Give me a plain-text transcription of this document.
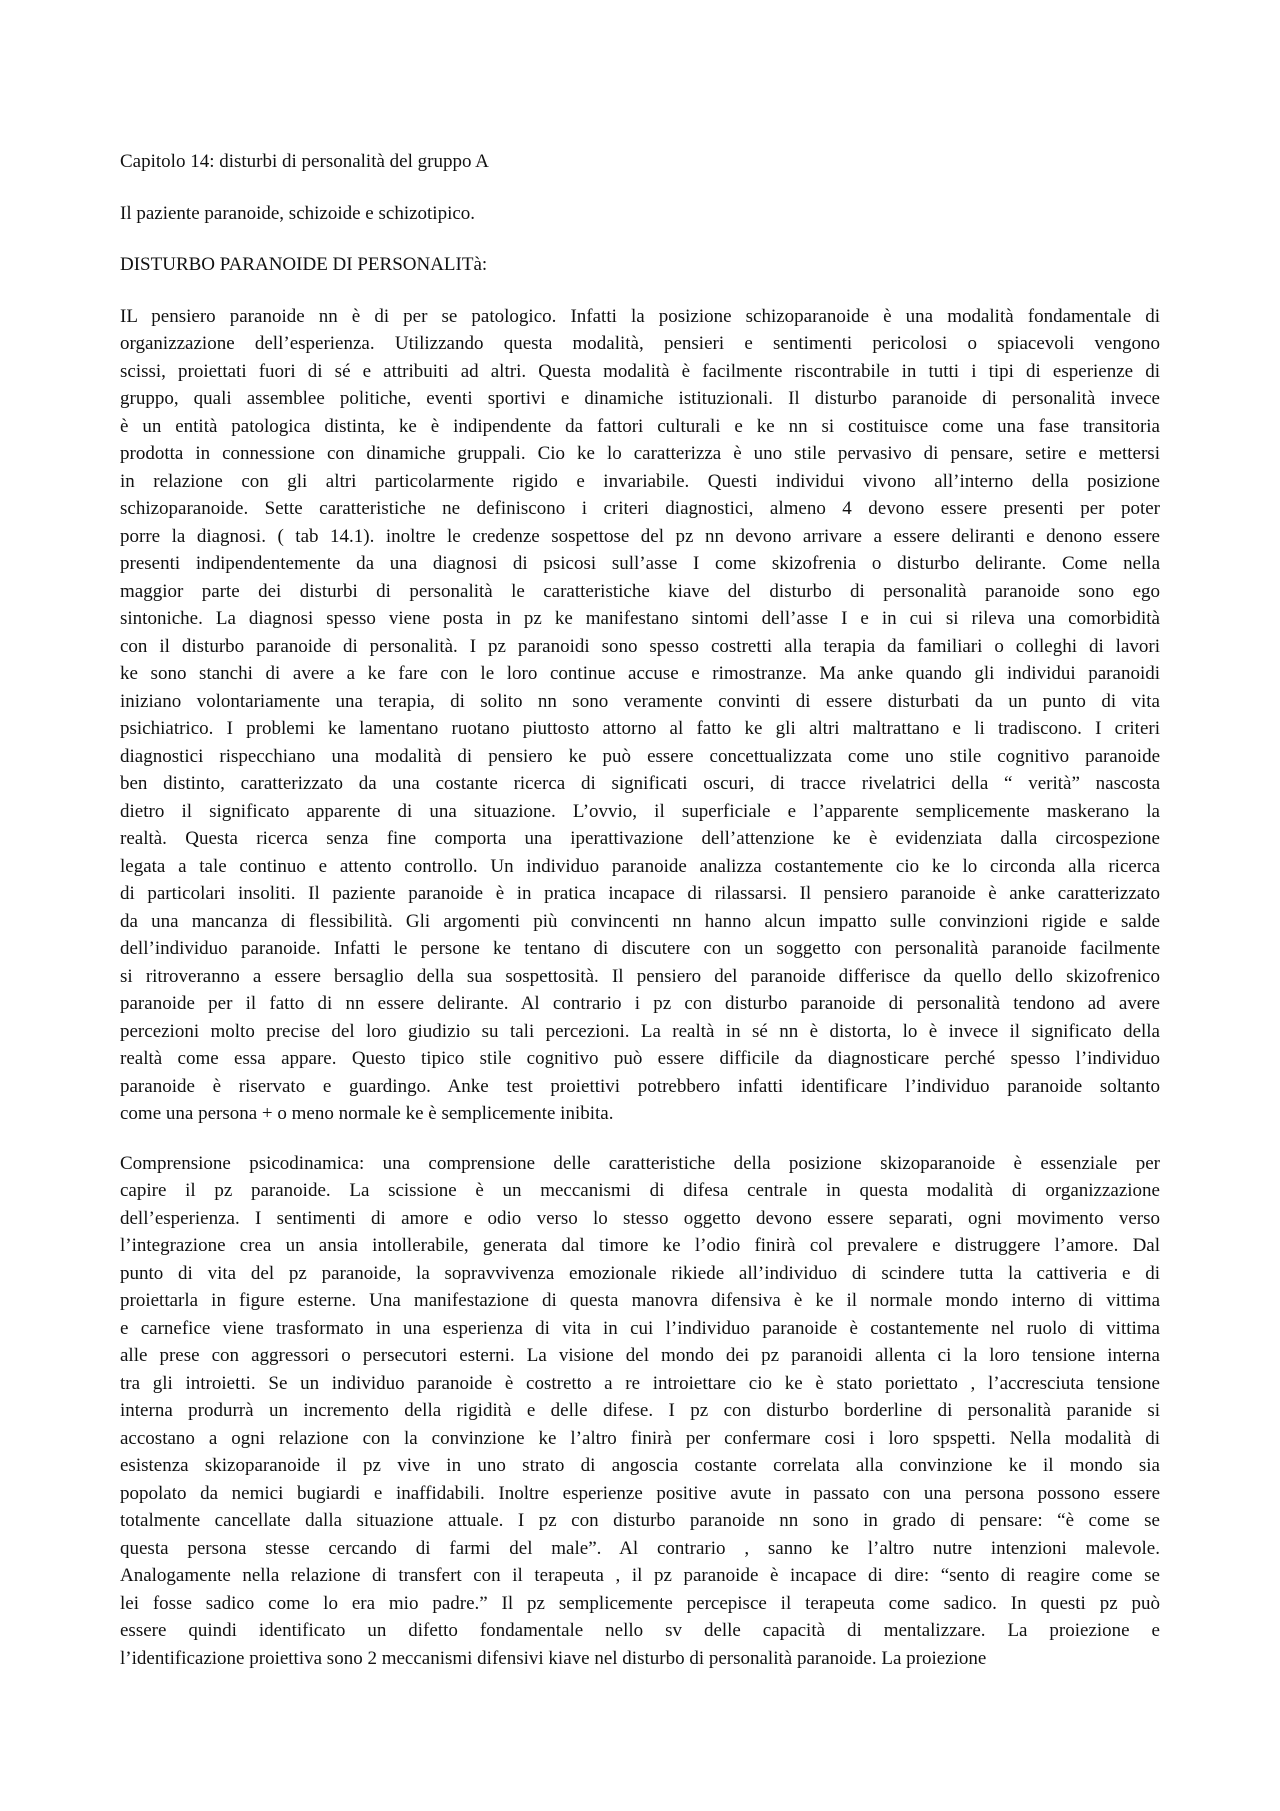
Capitolo 14: disturbi di personalità del gruppo A
Il paziente paranoide, schizoide e schizotipico.
DISTURBO PARANOIDE DI PERSONALITà:
IL pensiero paranoide nn è di per se patologico. Infatti la posizione schizoparanoide è una modalità fondamentale di
organizzazione dell’esperienza. Utilizzando questa modalità, pensieri e sentimenti pericolosi o spiacevoli vengono
scissi, proiettati fuori di sé e attribuiti ad altri. Questa modalità è facilmente riscontrabile in tutti i tipi di esperienze di
gruppo, quali assemblee politiche, eventi sportivi e dinamiche istituzionali. Il disturbo paranoide di personalità invece
è un entità patologica distinta, ke è indipendente da fattori culturali e ke nn si costituisce come una fase transitoria
prodotta in connessione con dinamiche gruppali. Cio ke lo caratterizza è uno stile pervasivo di pensare, setire e mettersi
in relazione con gli altri particolarmente rigido e invariabile. Questi individui vivono all’interno della posizione
schizoparanoide. Sette caratteristiche ne definiscono i criteri diagnostici, almeno 4 devono essere presenti per poter
porre la diagnosi. ( tab 14.1). inoltre le credenze sospettose del pz nn devono arrivare a essere deliranti e denono essere
presenti indipendentemente da una diagnosi di psicosi sull’asse I come skizofrenia o disturbo delirante. Come nella
maggior parte dei disturbi di personalità le caratteristiche kiave del disturbo di personalità paranoide sono ego
sintoniche. La diagnosi spesso viene posta in pz ke manifestano sintomi dell’asse I e in cui si rileva una comorbidità
con il disturbo paranoide di personalità. I pz paranoidi sono spesso costretti alla terapia da familiari o colleghi di lavori
ke sono stanchi di avere a ke fare con le loro continue accuse e rimostranze. Ma anke quando gli individui paranoidi
iniziano volontariamente una terapia, di solito nn sono veramente convinti di essere disturbati da un punto di vita
psichiatrico. I problemi ke lamentano ruotano piuttosto attorno al fatto ke gli altri maltrattano e li tradiscono. I criteri
diagnostici rispecchiano una modalità di pensiero ke può essere concettualizzata come uno stile cognitivo paranoide
ben distinto, caratterizzato da una costante ricerca di significati oscuri, di tracce rivelatrici della “ verità” nascosta
dietro il significato apparente di una situazione. L’ovvio, il superficiale e l’apparente semplicemente maskerano la
realtà. Questa ricerca senza fine comporta una iperattivazione dell’attenzione ke è evidenziata dalla circospezione
legata a tale continuo e attento controllo. Un individuo paranoide analizza costantemente cio ke lo circonda alla ricerca
di particolari insoliti. Il paziente paranoide è in pratica incapace di rilassarsi. Il pensiero paranoide è anke caratterizzato
da una mancanza di flessibilità. Gli argomenti più convincenti nn hanno alcun impatto sulle convinzioni rigide e salde
dell’individuo paranoide. Infatti le persone ke tentano di discutere con un soggetto con personalità paranoide facilmente
si ritroveranno a essere bersaglio della sua sospettosità. Il pensiero del paranoide differisce da quello dello skizofrenico
paranoide per il fatto di nn essere delirante. Al contrario i pz con disturbo paranoide di personalità tendono ad avere
percezioni molto precise del loro giudizio su tali percezioni. La realtà in sé nn è distorta, lo è invece il significato della
realtà come essa appare. Questo tipico stile cognitivo può essere difficile da diagnosticare perché spesso l’individuo
paranoide è riservato e guardingo. Anke test proiettivi potrebbero infatti identificare l’individuo paranoide soltanto
come una persona + o meno normale ke è semplicemente inibita.
Comprensione psicodinamica: una comprensione delle caratteristiche della posizione skizoparanoide è essenziale per
capire il pz paranoide. La scissione è un meccanismi di difesa centrale in questa modalità di organizzazione
dell’esperienza. I sentimenti di amore e odio verso lo stesso oggetto devono essere separati, ogni movimento verso
l’integrazione crea un ansia intollerabile, generata dal timore ke l’odio finirà col prevalere e distruggere l’amore. Dal
punto di vita del pz paranoide, la sopravvivenza emozionale rikiede all’individuo di scindere tutta la cattiveria e di
proiettarla in figure esterne. Una manifestazione di questa manovra difensiva è ke il normale mondo interno di vittima
e carnefice viene trasformato in una esperienza di vita in cui l’individuo paranoide è costantemente nel ruolo di vittima
alle prese con aggressori o persecutori esterni. La visione del mondo dei pz paranoidi allenta ci la loro tensione interna
tra gli introietti. Se un individuo paranoide è costretto a re introiettare cio ke è stato poriettato , l’accresciuta tensione
interna produrrà un incremento della rigidità e delle difese. I pz con disturbo borderline di personalità paranide si
accostano a ogni relazione con la convinzione ke l’altro finirà per confermare cosi i loro spspetti. Nella modalità di
esistenza skizoparanoide il pz vive in uno strato di angoscia costante correlata alla convinzione ke il mondo sia
popolato da nemici bugiardi e inaffidabili. Inoltre esperienze positive avute in passato con una persona possono essere
totalmente cancellate dalla situazione attuale. I pz con disturbo paranoide nn sono in grado di pensare: “è come se
questa persona stesse cercando di farmi del male”. Al contrario , sanno ke l’altro nutre intenzioni malevole.
Analogamente nella relazione di transfert con il terapeuta , il pz paranoide è incapace di dire: “sento di reagire come se
lei fosse sadico come lo era mio padre.” Il pz semplicemente percepisce il terapeuta come sadico. In questi pz può
essere quindi identificato un difetto fondamentale nello sv delle capacità di mentalizzare. La proiezione e
l’identificazione proiettiva sono 2 meccanismi difensivi kiave nel disturbo di personalità paranoide. La proiezione
